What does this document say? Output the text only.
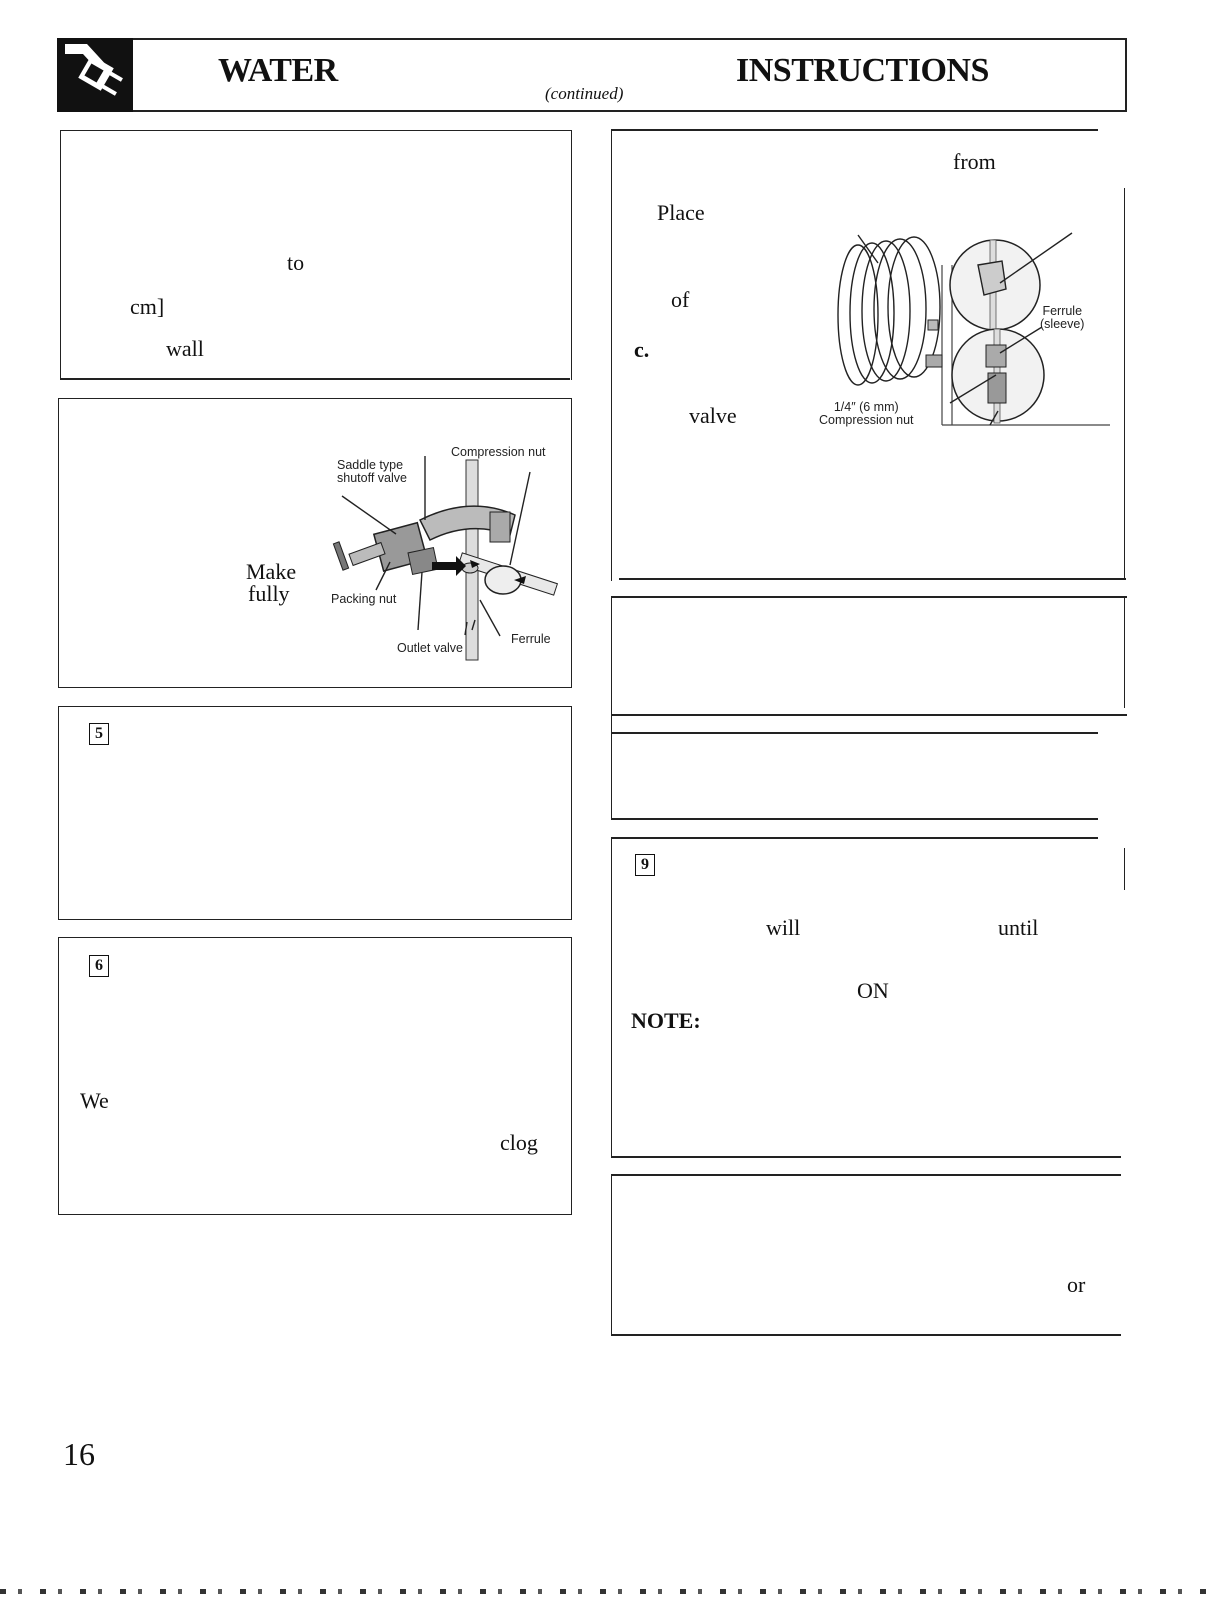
WATER
(continued)
INSTRUCTIONS
to
cm]
wall
Make
fully
Saddle type
shutoff valve
Compression nut
Packing nut
Outlet valve
Ferrule
5
6
We
clog
from
Place
of
c.
valve
Ferrule
(sleeve)
1/4″ (6 mm)
Compression nut
9
will	until
ON
NOTE:
or
16
